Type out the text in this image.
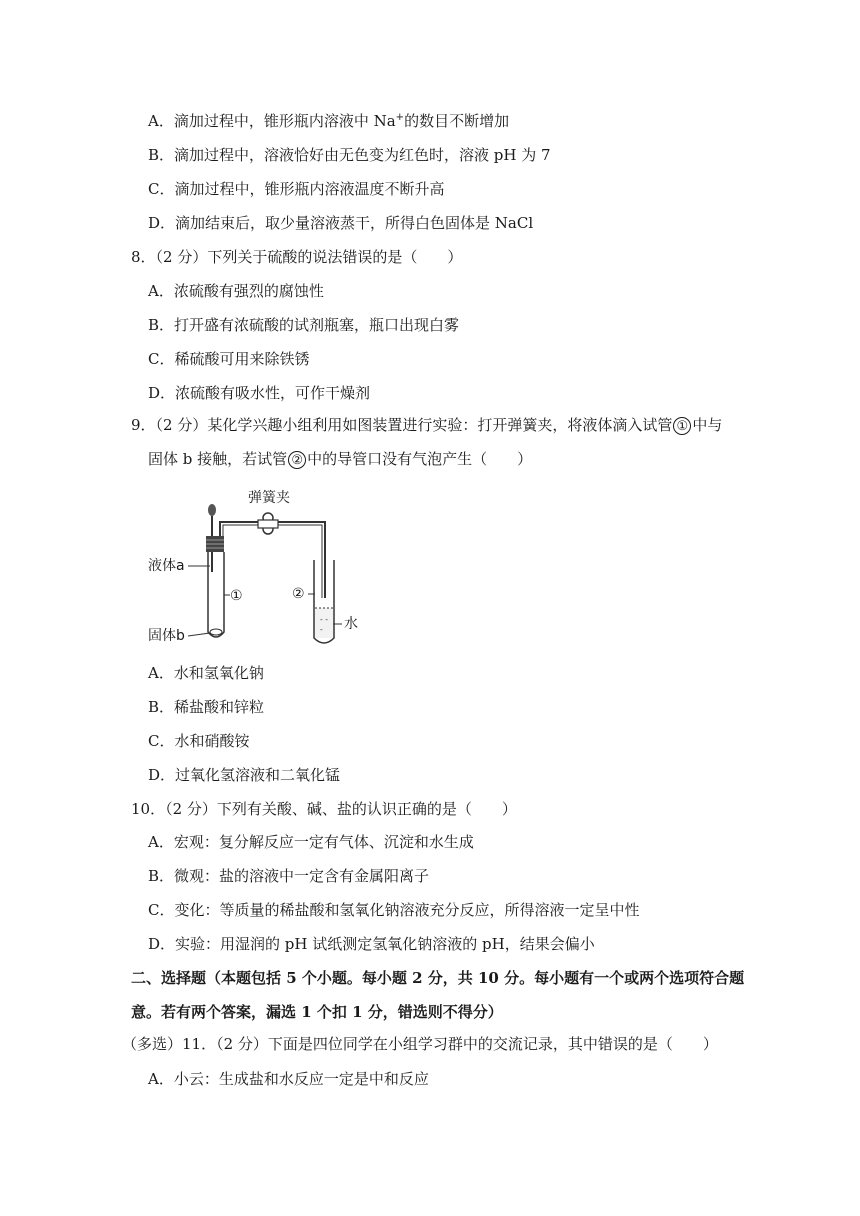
A．滴加过程中，锥形瓶内溶液中 Na+的数目不断增加
B．滴加过程中，溶液恰好由无色变为红色时，溶液 pH 为 7
C．滴加过程中，锥形瓶内溶液温度不断升高
D．滴加结束后，取少量溶液蒸干，所得白色固体是 NaCl
8．（2 分）下列关于硫酸的说法错误的是（　　）
A．浓硫酸有强烈的腐蚀性
B．打开盛有浓硫酸的试剂瓶塞，瓶口出现白雾
C．稀硫酸可用来除铁锈
D．浓硫酸有吸水性，可作干燥剂
9．（2 分）某化学兴趣小组利用如图装置进行实验：打开弹簧夹，将液体滴入试管 ① 中与
固体 b 接触，若试管 ② 中的导管口没有气泡产生（　　）
弹簧夹
- -
-
液体a
固体b
①	②
水
A．水和氢氧化钠
B．稀盐酸和锌粒
C．水和硝酸铵
D．过氧化氢溶液和二氧化锰
10．（2 分）下列有关酸、碱、盐的认识正确的是（　　）
A．宏观：复分解反应一定有气体、沉淀和水生成
B．微观：盐的溶液中一定含有金属阳离子
C．变化：等质量的稀盐酸和氢氧化钠溶液充分反应，所得溶液一定呈中性
D．实验：用湿润的 pH 试纸测定氢氧化钠溶液的 pH，结果会偏小
二、选择题（本题包括 5 个小题。每小题 2 分，共 10 分。每小题有一个或两个选项符合题
意。若有两个答案，漏选 1 个扣 1 分，错选则不得分）
（多选）11．（2 分）下面是四位同学在小组学习群中的交流记录，其中错误的是（　　）
A．小云：生成盐和水反应一定是中和反应
